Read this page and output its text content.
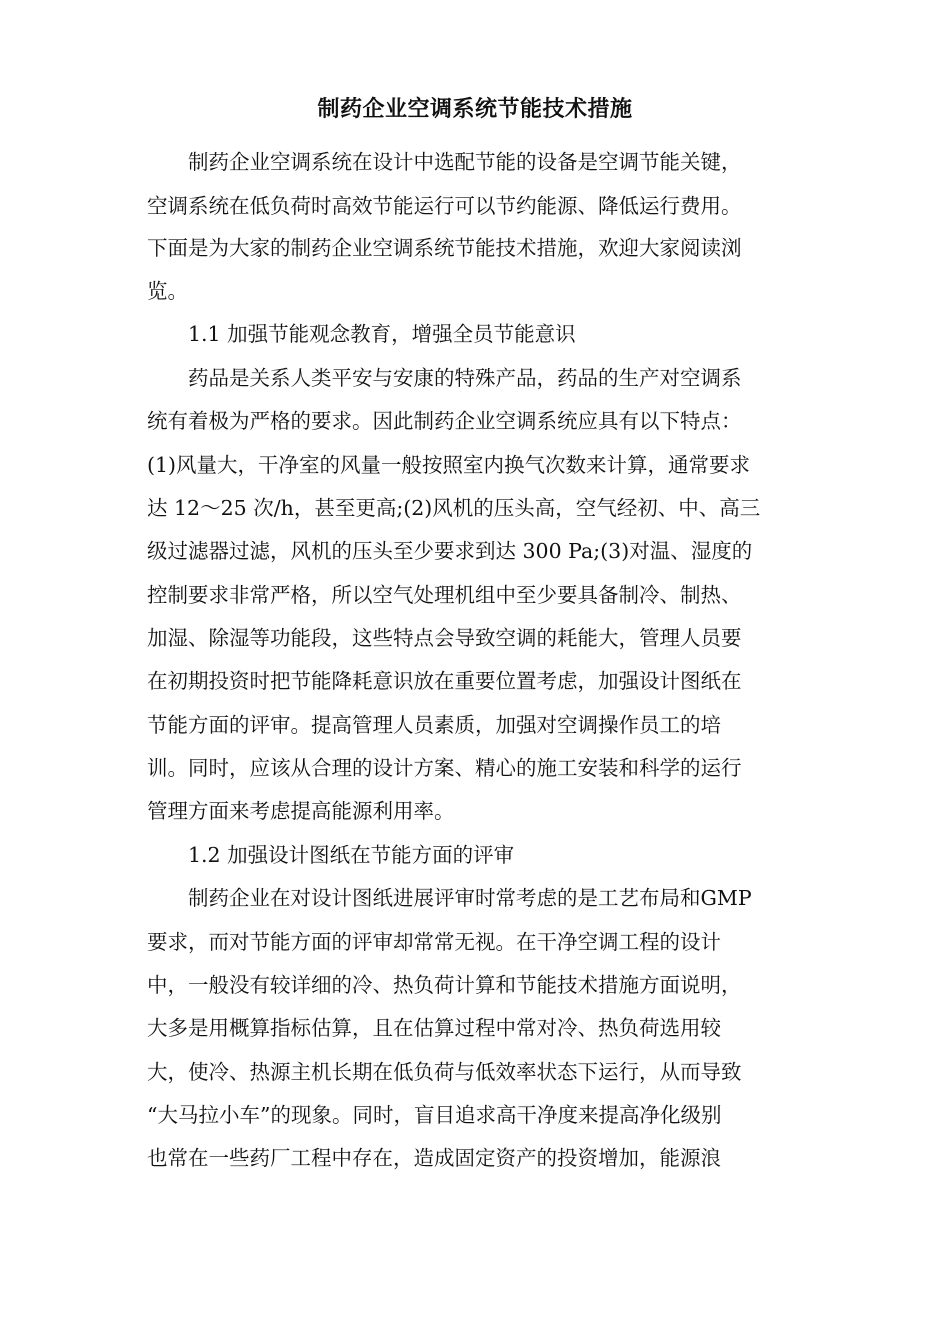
制药企业空调系统节能技术措施
制药企业空调系统在设计中选配节能的设备是空调节能关键，
空调系统在低负荷时高效节能运行可以节约能源、降低运行费用。
下面是为大家的制药企业空调系统节能技术措施，欢迎大家阅读浏
览。
1.1 加强节能观念教育，增强全员节能意识
药品是关系人类平安与安康的特殊产品，药品的生产对空调系
统有着极为严格的要求。因此制药企业空调系统应具有以下特点：
(1)风量大，干净室的风量一般按照室内换气次数来计算，通常要求
达 12～25 次/h，甚至更高;(2)风机的压头高，空气经初、中、高三
级过滤器过滤，风机的压头至少要求到达 300 Pa;(3)对温、湿度的
控制要求非常严格，所以空气处理机组中至少要具备制冷、制热、
加湿、除湿等功能段，这些特点会导致空调的耗能大，管理人员要
在初期投资时把节能降耗意识放在重要位置考虑，加强设计图纸在
节能方面的评审。提高管理人员素质，加强对空调操作员工的培
训。同时，应该从合理的设计方案、精心的施工安装和科学的运行
管理方面来考虑提高能源利用率。
1.2 加强设计图纸在节能方面的评审
制药企业在对设计图纸进展评审时常考虑的是工艺布局和GMP
要求，而对节能方面的评审却常常无视。在干净空调工程的设计
中，一般没有较详细的冷、热负荷计算和节能技术措施方面说明，
大多是用概算指标估算，且在估算过程中常对冷、热负荷选用较
大，使冷、热源主机长期在低负荷与低效率状态下运行，从而导致
“大马拉小车”的现象。同时，盲目追求高干净度来提高净化级别
也常在一些药厂工程中存在，造成固定资产的投资增加，能源浪
